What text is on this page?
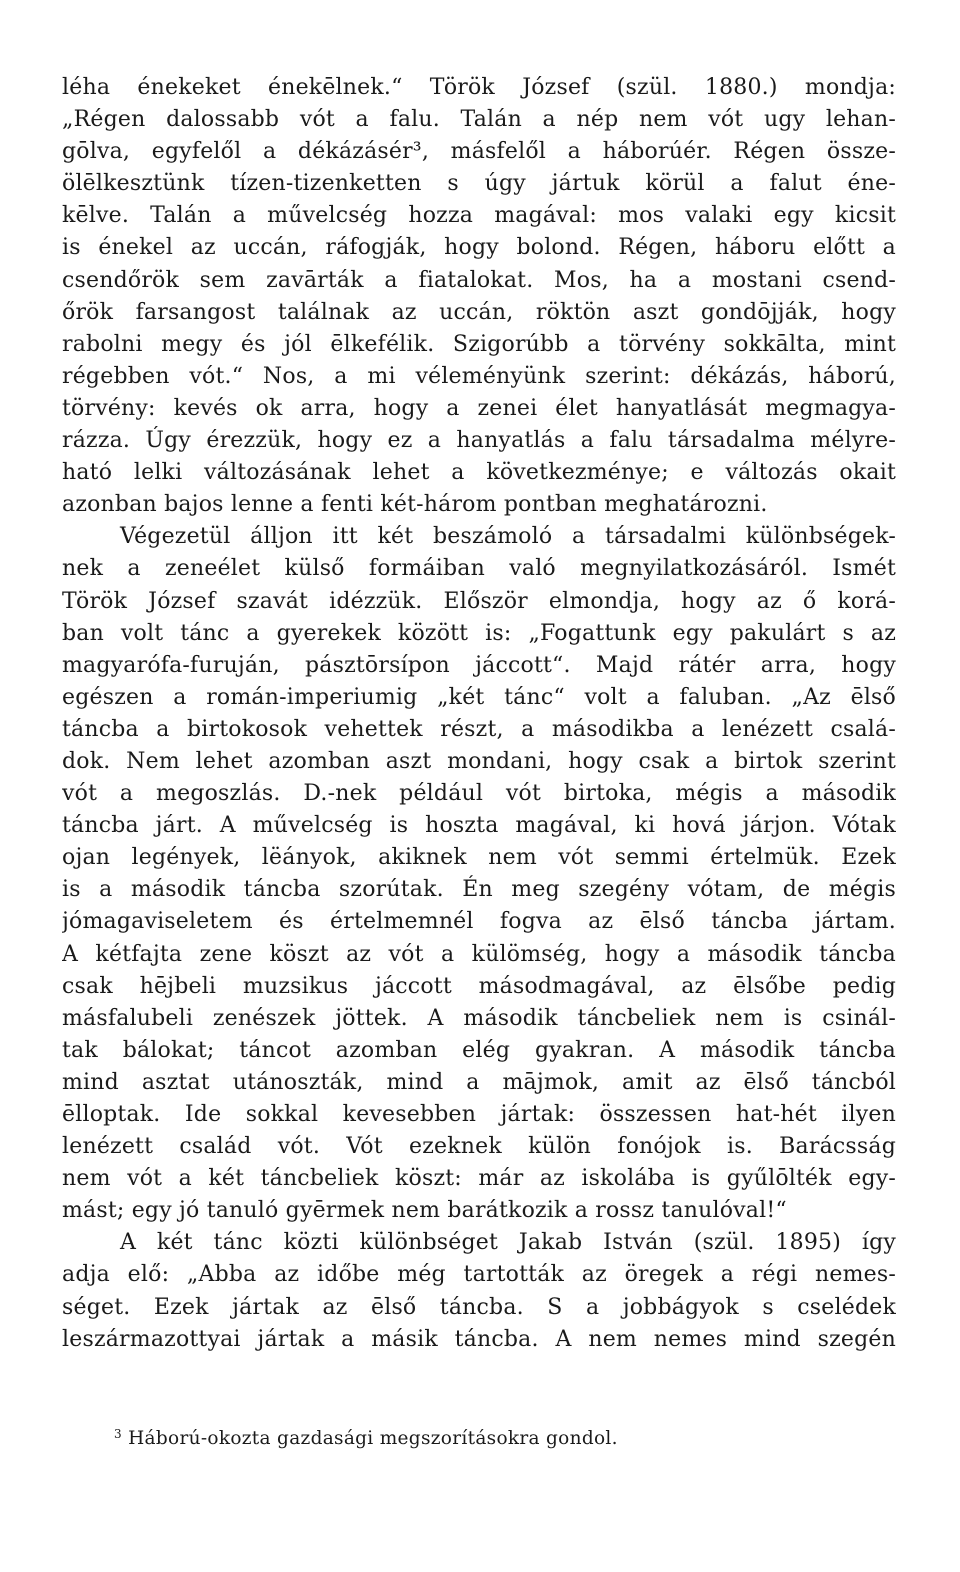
léha énekeket énekēlnek.“ Török József (szül. 1880.) mondja:
„Régen dalossabb vót a falu. Talán a nép nem vót ugy lehan-
gōlva, egyfelől a dékázásér³, másfelől a háborúér. Régen össze-
ölēlkesztünk tízen-tizenketten s úgy jártuk körül a falut éne-
kēlve. Talán a művelcség hozza magával: mos valaki egy kicsit
is énekel az uccán, ráfogják, hogy bolond. Régen, háboru előtt a
csendőrök sem zavārták a fiatalokat. Mos, ha a mostani csend-
őrök farsangost találnak az uccán, röktön aszt gondōjják, hogy
rabolni megy és jól ēlkefélik. Szigorúbb a törvény sokkālta, mint
régebben vót.“ Nos, a mi véleményünk szerint: dékázás, háború,
törvény: kevés ok arra, hogy a zenei élet hanyatlását megmagya-
rázza. Úgy érezzük, hogy ez a hanyatlás a falu társadalma mélyre-
ható lelki változásának lehet a következménye; e változás okait
azonban bajos lenne a fenti két-három pontban meghatározni.
Végezetül álljon itt két beszámoló a társadalmi különbségek-
nek a zeneélet külső formáiban való megnyilatkozásáról. Ismét
Török József szavát idézzük. Először elmondja, hogy az ő korá-
ban volt tánc a gyerekek között is: „Fogattunk egy pakulárt s az
magyarófa-furuján, pásztōrsípon jáccott“. Majd rátér arra, hogy
egészen a román-imperiumig „két tánc“ volt a faluban. „Az ēlső
táncba a birtokosok vehettek részt, a másodikba a lenézett csalá-
dok. Nem lehet azomban aszt mondani, hogy csak a birtok szerint
vót a megoszlás. D.-nek például vót birtoka, mégis a második
táncba járt. A művelcség is hoszta magával, ki hová járjon. Vótak
ojan legények, lëányok, akiknek nem vót semmi értelmük. Ezek
is a második táncba szorútak. Én meg szegény vótam, de mégis
jómagaviseletem és értelmemnél fogva az ēlső táncba jártam.
A kétfajta zene köszt az vót a külömség, hogy a második táncba
csak hējbeli muzsikus jáccott másodmagával, az ēlsőbe pedig
másfalubeli zenészek jöttek. A második táncbeliek nem is csinál-
tak bálokat; táncot azomban elég gyakran. A második táncba
mind asztat utánoszták, mind a mājmok, amit az ēlső táncból
ēlloptak. Ide sokkal kevesebben jártak: összessen hat-hét ilyen
lenézett család vót. Vót ezeknek külön fonójok is. Barácsság
nem vót a két táncbeliek köszt: már az iskolába is gyűlōlték egy-
mást; egy jó tanuló gyērmek nem barátkozik a rossz tanulóval!“
A két tánc közti különbséget Jakab István (szül. 1895) így
adja elő: „Abba az időbe még tartották az öregek a régi nemes-
séget. Ezek jártak az ēlső táncba. S a jobbágyok s cselédek
leszármazottyai jártak a másik táncba. A nem nemes mind szegén
$^3$ Háború-okozta gazdasági megszorításokra gondol.
